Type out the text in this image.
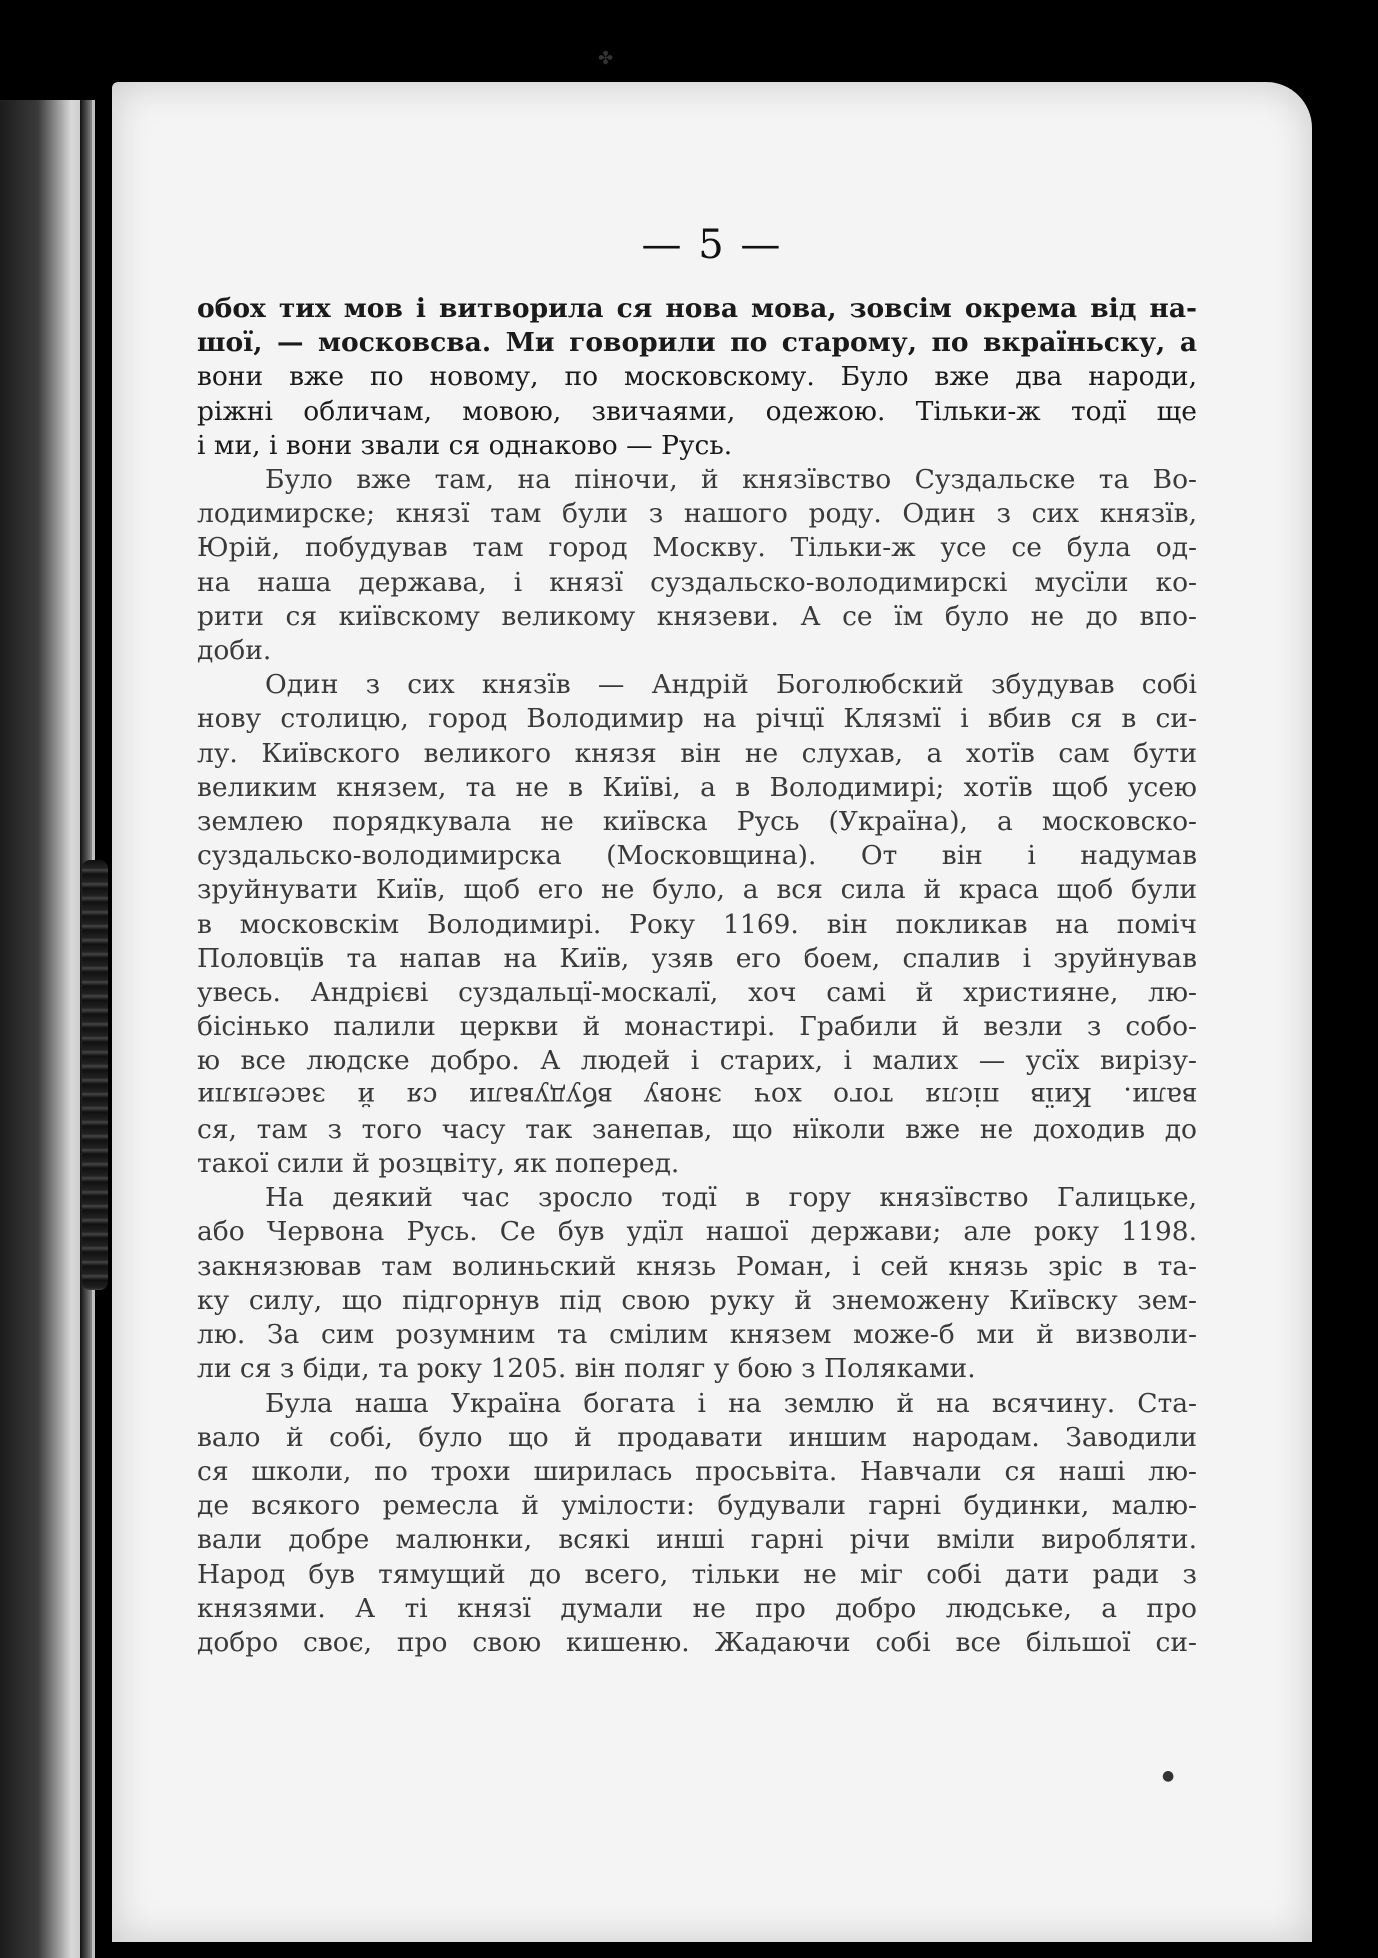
— 5 —

обох тих мов і витворила ся нова мова, зовсім окрема від на-
шої, — московсва. Ми говорили по старому, по вкраїньску, а
вони вже по новому, по московскому. Було вже два народи,
ріжні обличам, мовою, звичаями, одежою. Тільки-ж тодї ще
і ми, і вони звали ся однаково — Русь.

Було вже там, на піночи, й князївство Суздальске та Во-
лодимирске; князї там були з нашого роду. Один з сих князїв,
Юрій, побудував там город Москву. Тільки-ж усе се була од-
на наша держава, і князї суздальско-володимирскі мусїли ко-
рити ся київскому великому князеви. А се їм було не до впо-
доби.

Один з сих князїв — Андрій Боголюбский збудував собі
нову столицю, город Володимир на річцї Клязмї і вбив ся в си-
лу. Київского великого князя він не слухав, а хотїв сам бути
великим князем, та не в Київі, а в Володимирі; хотїв щоб усею
землею порядкувала не київска Русь (Україна), а московско-
суздальско-володимирска (Московщина). От він і надумав
зруйнувати Київ, щоб его не було, а вся сила й краса щоб були
в московскім Володимирі. Року 1169. він покликав на поміч
Половцїв та напав на Київ, узяв его боем, спалив і зруйнував
увесь. Андрієві суздальцї-москалї, хоч самі й християне, лю-
бісінько палили церкви й монастирі. Грабили й везли з собо-
ю все людске добро. А людей і старих, і малих — усїх вирізу-
вали. Київ після того хоч знову вбудували ся й заселяли
ся, там з того часу так занепав, що нїколи вже не доходив до
такої сили й розцвіту, як поперед.

На деякий час зросло тодї в гору князївство Галицьке,
або Червона Русь. Се був удїл нашої держави; але року 1198.
закнязював там волиньский князь Роман, і сей князь зріс в та-
ку силу, що підгорнув під свою руку й знеможену Київску зем-
лю. За сим розумним та смілим князем може-б ми й визволи-
ли ся з біди, та року 1205. він поляг у бою з Поляками.

Була наша Україна богата і на землю й на всячину. Ста-
вало й собі, було що й продавати иншим народам. Заводили
ся школи, по трохи ширилась просьвіта. Навчали ся наші лю-
де всякого ремесла й умілости: будували гарні будинки, малю-
вали добре малюнки, всякі инші гарні річи вміли виробляти.
Народ був тямущий до всего, тільки не міг собі дати ради з
князями. А ті князї думали не про добро людське, а про
добро своє, про свою кишеню. Жадаючи собі все більшої си-

✤
●
